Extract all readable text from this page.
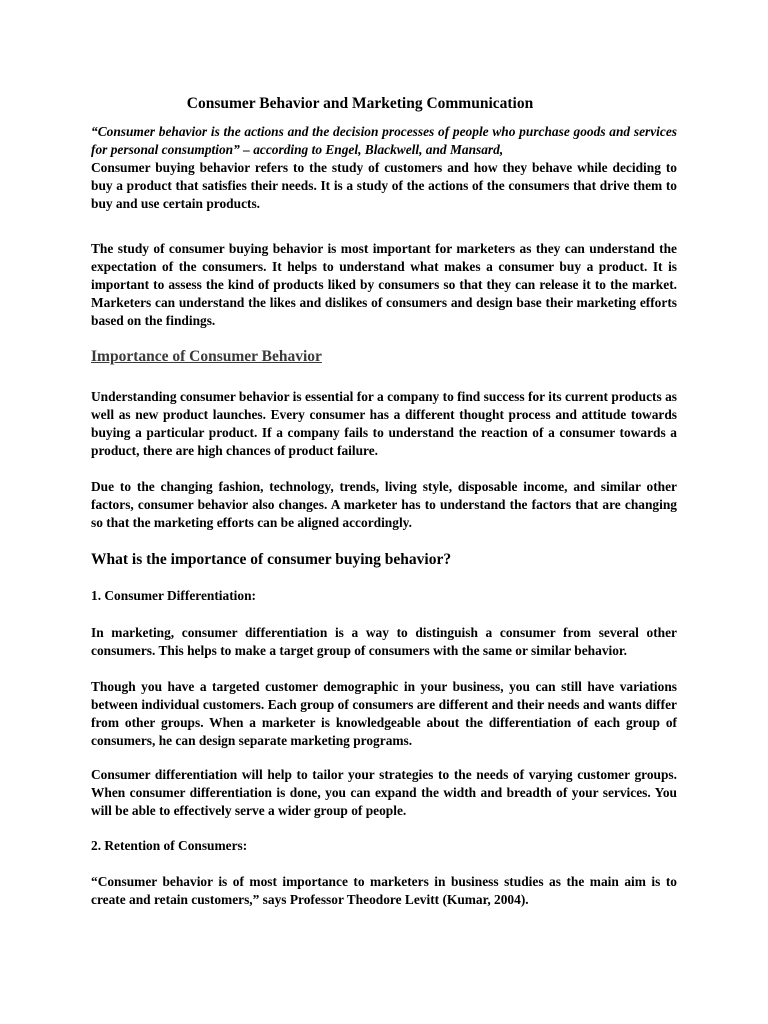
Consumer Behavior and Marketing Communication

“Consumer behavior is the actions and the decision processes of people who purchase goods and services for personal consumption” – according to Engel, Blackwell, and Mansard,

Consumer buying behavior refers to the study of customers and how they behave while deciding to buy a product that satisfies their needs. It is a study of the actions of the consumers that drive them to buy and use certain products.

The study of consumer buying behavior is most important for marketers as they can understand the expectation of the consumers. It helps to understand what makes a consumer buy a product. It is important to assess the kind of products liked by consumers so that they can release it to the market. Marketers can understand the likes and dislikes of consumers and design base their marketing efforts based on the findings.

Importance of Consumer Behavior

Understanding consumer behavior is essential for a company to find success for its current products as well as new product launches. Every consumer has a different thought process and attitude towards buying a particular product. If a company fails to understand the reaction of a consumer towards a product, there are high chances of product failure.

Due to the changing fashion, technology, trends, living style, disposable income, and similar other factors, consumer behavior also changes. A marketer has to understand the factors that are changing so that the marketing efforts can be aligned accordingly.

What is the importance of consumer buying behavior?
1. Consumer Differentiation:

In marketing, consumer differentiation is a way to distinguish a consumer from several other consumers. This helps to make a target group of consumers with the same or similar behavior.

Though you have a targeted customer demographic in your business, you can still have variations between individual customers. Each group of consumers are different and their needs and wants differ from other groups. When a marketer is knowledgeable about the differentiation of each group of consumers, he can design separate marketing programs.

Consumer differentiation will help to tailor your strategies to the needs of varying customer groups. When consumer differentiation is done, you can expand the width and breadth of your services. You will be able to effectively serve a wider group of people.

2. Retention of Consumers:

“Consumer behavior is of most importance to marketers in business studies as the main aim is to create and retain customers,” says Professor Theodore Levitt (Kumar, 2004).
